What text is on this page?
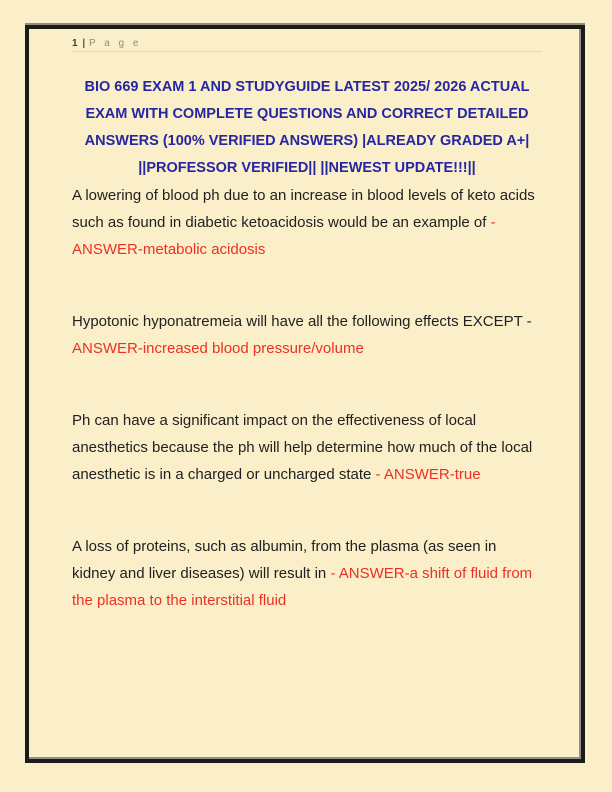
1 | P a g e
BIO 669 EXAM 1 AND STUDYGUIDE LATEST 2025/ 2026 ACTUAL
EXAM WITH COMPLETE QUESTIONS AND CORRECT DETAILED
ANSWERS (100% VERIFIED ANSWERS) |ALREADY GRADED A+|
||PROFESSOR VERIFIED|| ||NEWEST UPDATE!!!||

A lowering of blood ph due to an increase in blood levels of keto acids such as found in diabetic ketoacidosis would be an example of - ANSWER-metabolic acidosis

Hypotonic hyponatremeia will have all the following effects EXCEPT - ANSWER-increased blood pressure/volume

Ph can have a significant impact on the effectiveness of local anesthetics because the ph will help determine how much of the local anesthetic is in a charged or uncharged state - ANSWER-true

A loss of proteins, such as albumin, from the plasma (as seen in kidney and liver diseases) will result in - ANSWER-a shift of fluid from the plasma to the interstitial fluid
